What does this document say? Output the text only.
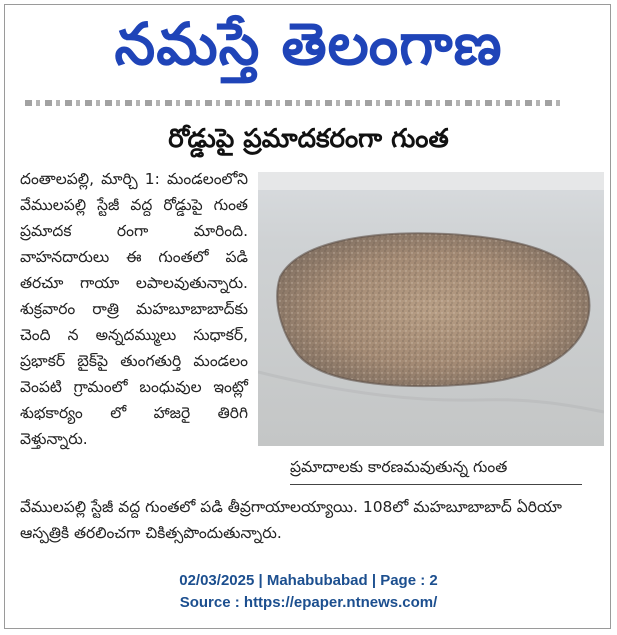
నమస్తే తెలంగాణ
రోడ్డుపై ప్రమాదకరంగా గుంత
దంతాలపల్లి, మార్చి 1: మండలంలోని వేములపల్లి స్టేజీ వద్ద రోడ్డుపై గుంత ప్రమాదక రంగా మారింది. వాహనదారులు ఈ గుంతలో పడి తరచూ గాయా లపాలవుతున్నారు. శుక్రవారం రాత్రి మహబూబాబాద్‌కు చెంది న అన్నదమ్ములు సుధాకర్, ప్రభాకర్ బైక్‌పై తుంగతుర్తి మండలం వెంపటి గ్రామంలో బంధువుల ఇంట్లో శుభకార్యం లో హాజరై తిరిగి వెళ్తున్నారు.
ప్రమాదాలకు కారణమవుతున్న గుంత
వేములపల్లి స్టేజీ వద్ద గుంతలో పడి తీవ్రగాయాలయ్యాయి. 108లో మహబూబాబాద్ ఏరియా ఆస్పత్రికి తరలించగా చికిత్సపొందుతున్నారు.
02/03/2025 | Mahabubabad | Page : 2
Source : https://epaper.ntnews.com/
